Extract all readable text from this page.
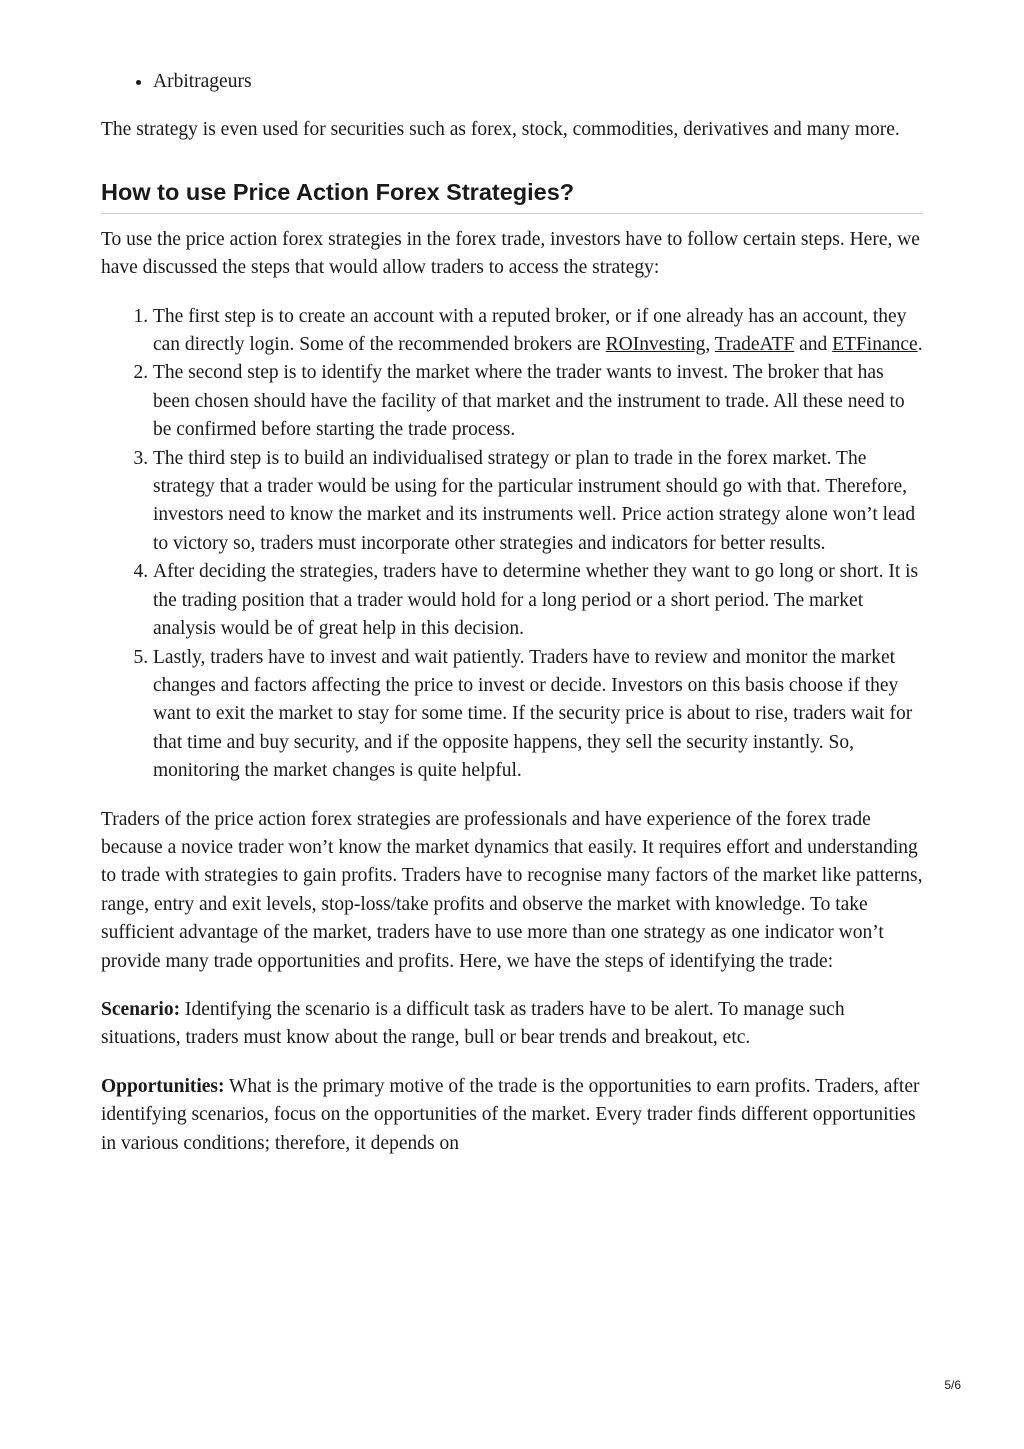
• Arbitrageurs

The strategy is even used for securities such as forex, stock, commodities, derivatives and many more.

How to use Price Action Forex Strategies?

To use the price action forex strategies in the forex trade, investors have to follow certain steps. Here, we have discussed the steps that would allow traders to access the strategy:

1. The first step is to create an account with a reputed broker, or if one already has an account, they can directly login. Some of the recommended brokers are ROInvesting, TradeATF and ETFinance.
2. The second step is to identify the market where the trader wants to invest. The broker that has been chosen should have the facility of that market and the instrument to trade. All these need to be confirmed before starting the trade process.
3. The third step is to build an individualised strategy or plan to trade in the forex market. The strategy that a trader would be using for the particular instrument should go with that. Therefore, investors need to know the market and its instruments well. Price action strategy alone won’t lead to victory so, traders must incorporate other strategies and indicators for better results.
4. After deciding the strategies, traders have to determine whether they want to go long or short. It is the trading position that a trader would hold for a long period or a short period. The market analysis would be of great help in this decision.
5. Lastly, traders have to invest and wait patiently. Traders have to review and monitor the market changes and factors affecting the price to invest or decide. Investors on this basis choose if they want to exit the market to stay for some time. If the security price is about to rise, traders wait for that time and buy security, and if the opposite happens, they sell the security instantly. So, monitoring the market changes is quite helpful.

Traders of the price action forex strategies are professionals and have experience of the forex trade because a novice trader won’t know the market dynamics that easily. It requires effort and understanding to trade with strategies to gain profits. Traders have to recognise many factors of the market like patterns, range, entry and exit levels, stop-loss/take profits and observe the market with knowledge. To take sufficient advantage of the market, traders have to use more than one strategy as one indicator won’t provide many trade opportunities and profits. Here, we have the steps of identifying the trade:

Scenario: Identifying the scenario is a difficult task as traders have to be alert. To manage such situations, traders must know about the range, bull or bear trends and breakout, etc.

Opportunities: What is the primary motive of the trade is the opportunities to earn profits. Traders, after identifying scenarios, focus on the opportunities of the market. Every trader finds different opportunities in various conditions; therefore, it depends on

5/6
